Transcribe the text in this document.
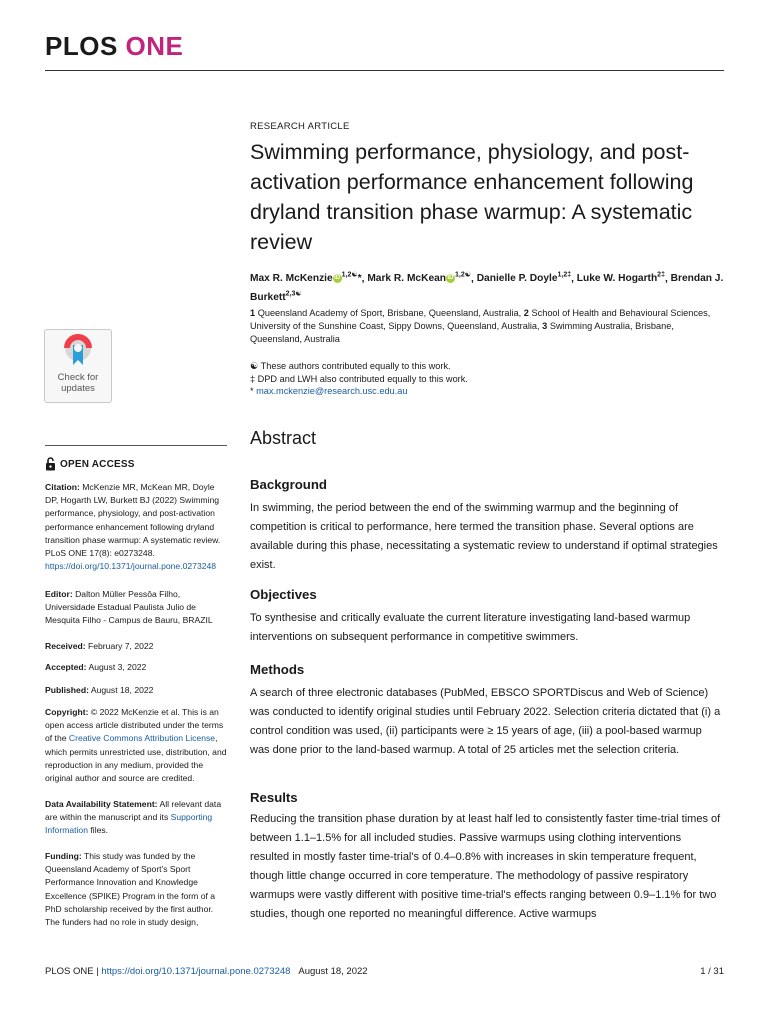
PLOS ONE
Check for
updates
OPEN ACCESS
Citation: McKenzie MR, McKean MR, Doyle DP, Hogarth LW, Burkett BJ (2022) Swimming performance, physiology, and post-activation performance enhancement following dryland transition phase warmup: A systematic review. PLoS ONE 17(8): e0273248. https://doi.org/10.1371/journal.pone.0273248
Editor: Dalton Müller Pessôa Filho, Universidade Estadual Paulista Julio de Mesquita Filho - Campus de Bauru, BRAZIL
Received: February 7, 2022
Accepted: August 3, 2022
Published: August 18, 2022
Copyright: © 2022 McKenzie et al. This is an open access article distributed under the terms of the Creative Commons Attribution License, which permits unrestricted use, distribution, and reproduction in any medium, provided the original author and source are credited.
Data Availability Statement: All relevant data are within the manuscript and its Supporting Information files.
Funding: This study was funded by the Queensland Academy of Sport's Sport Performance Innovation and Knowledge Excellence (SPIKE) Program in the form of a PhD scholarship received by the first author. The funders had no role in study design,
RESEARCH ARTICLE
Swimming performance, physiology, and post-activation performance enhancement following dryland transition phase warmup: A systematic review
Max R. McKenzie iD $^{1,2☯}$*, Mark R. McKean iD $^{1,2☯}$, Danielle P. Doyle$^{1,2\ddagger}$, Luke W. Hogarth$^{2\ddagger}$, Brendan J. Burkett$^{2,3☯}$
1 Queensland Academy of Sport, Brisbane, Queensland, Australia, 2 School of Health and Behavioural Sciences, University of the Sunshine Coast, Sippy Downs, Queensland, Australia, 3 Swimming Australia, Brisbane, Queensland, Australia
☯ These authors contributed equally to this work.
‡ DPD and LWH also contributed equally to this work.
* max.mckenzie@research.usc.edu.au
Abstract
Background
In swimming, the period between the end of the swimming warmup and the beginning of competition is critical to performance, here termed the transition phase. Several options are available during this phase, necessitating a systematic review to understand if optimal strategies exist.
Objectives
To synthesise and critically evaluate the current literature investigating land-based warmup interventions on subsequent performance in competitive swimmers.
Methods
A search of three electronic databases (PubMed, EBSCO SPORTDiscus and Web of Science) was conducted to identify original studies until February 2022. Selection criteria dictated that (i) a control condition was used, (ii) participants were ≥ 15 years of age, (iii) a pool-based warmup was done prior to the land-based warmup. A total of 25 articles met the selection criteria.
Results
Reducing the transition phase duration by at least half led to consistently faster time-trial times of between 1.1–1.5% for all included studies. Passive warmups using clothing interventions resulted in mostly faster time-trial's of 0.4–0.8% with increases in skin temperature frequent, though little change occurred in core temperature. The methodology of passive respiratory warmups were vastly different with positive time-trial's effects ranging between 0.9–1.1% for two studies, though one reported no meaningful difference. Active warmups
PLOS ONE | https://doi.org/10.1371/journal.pone.0273248 August 18, 2022	1 / 31
